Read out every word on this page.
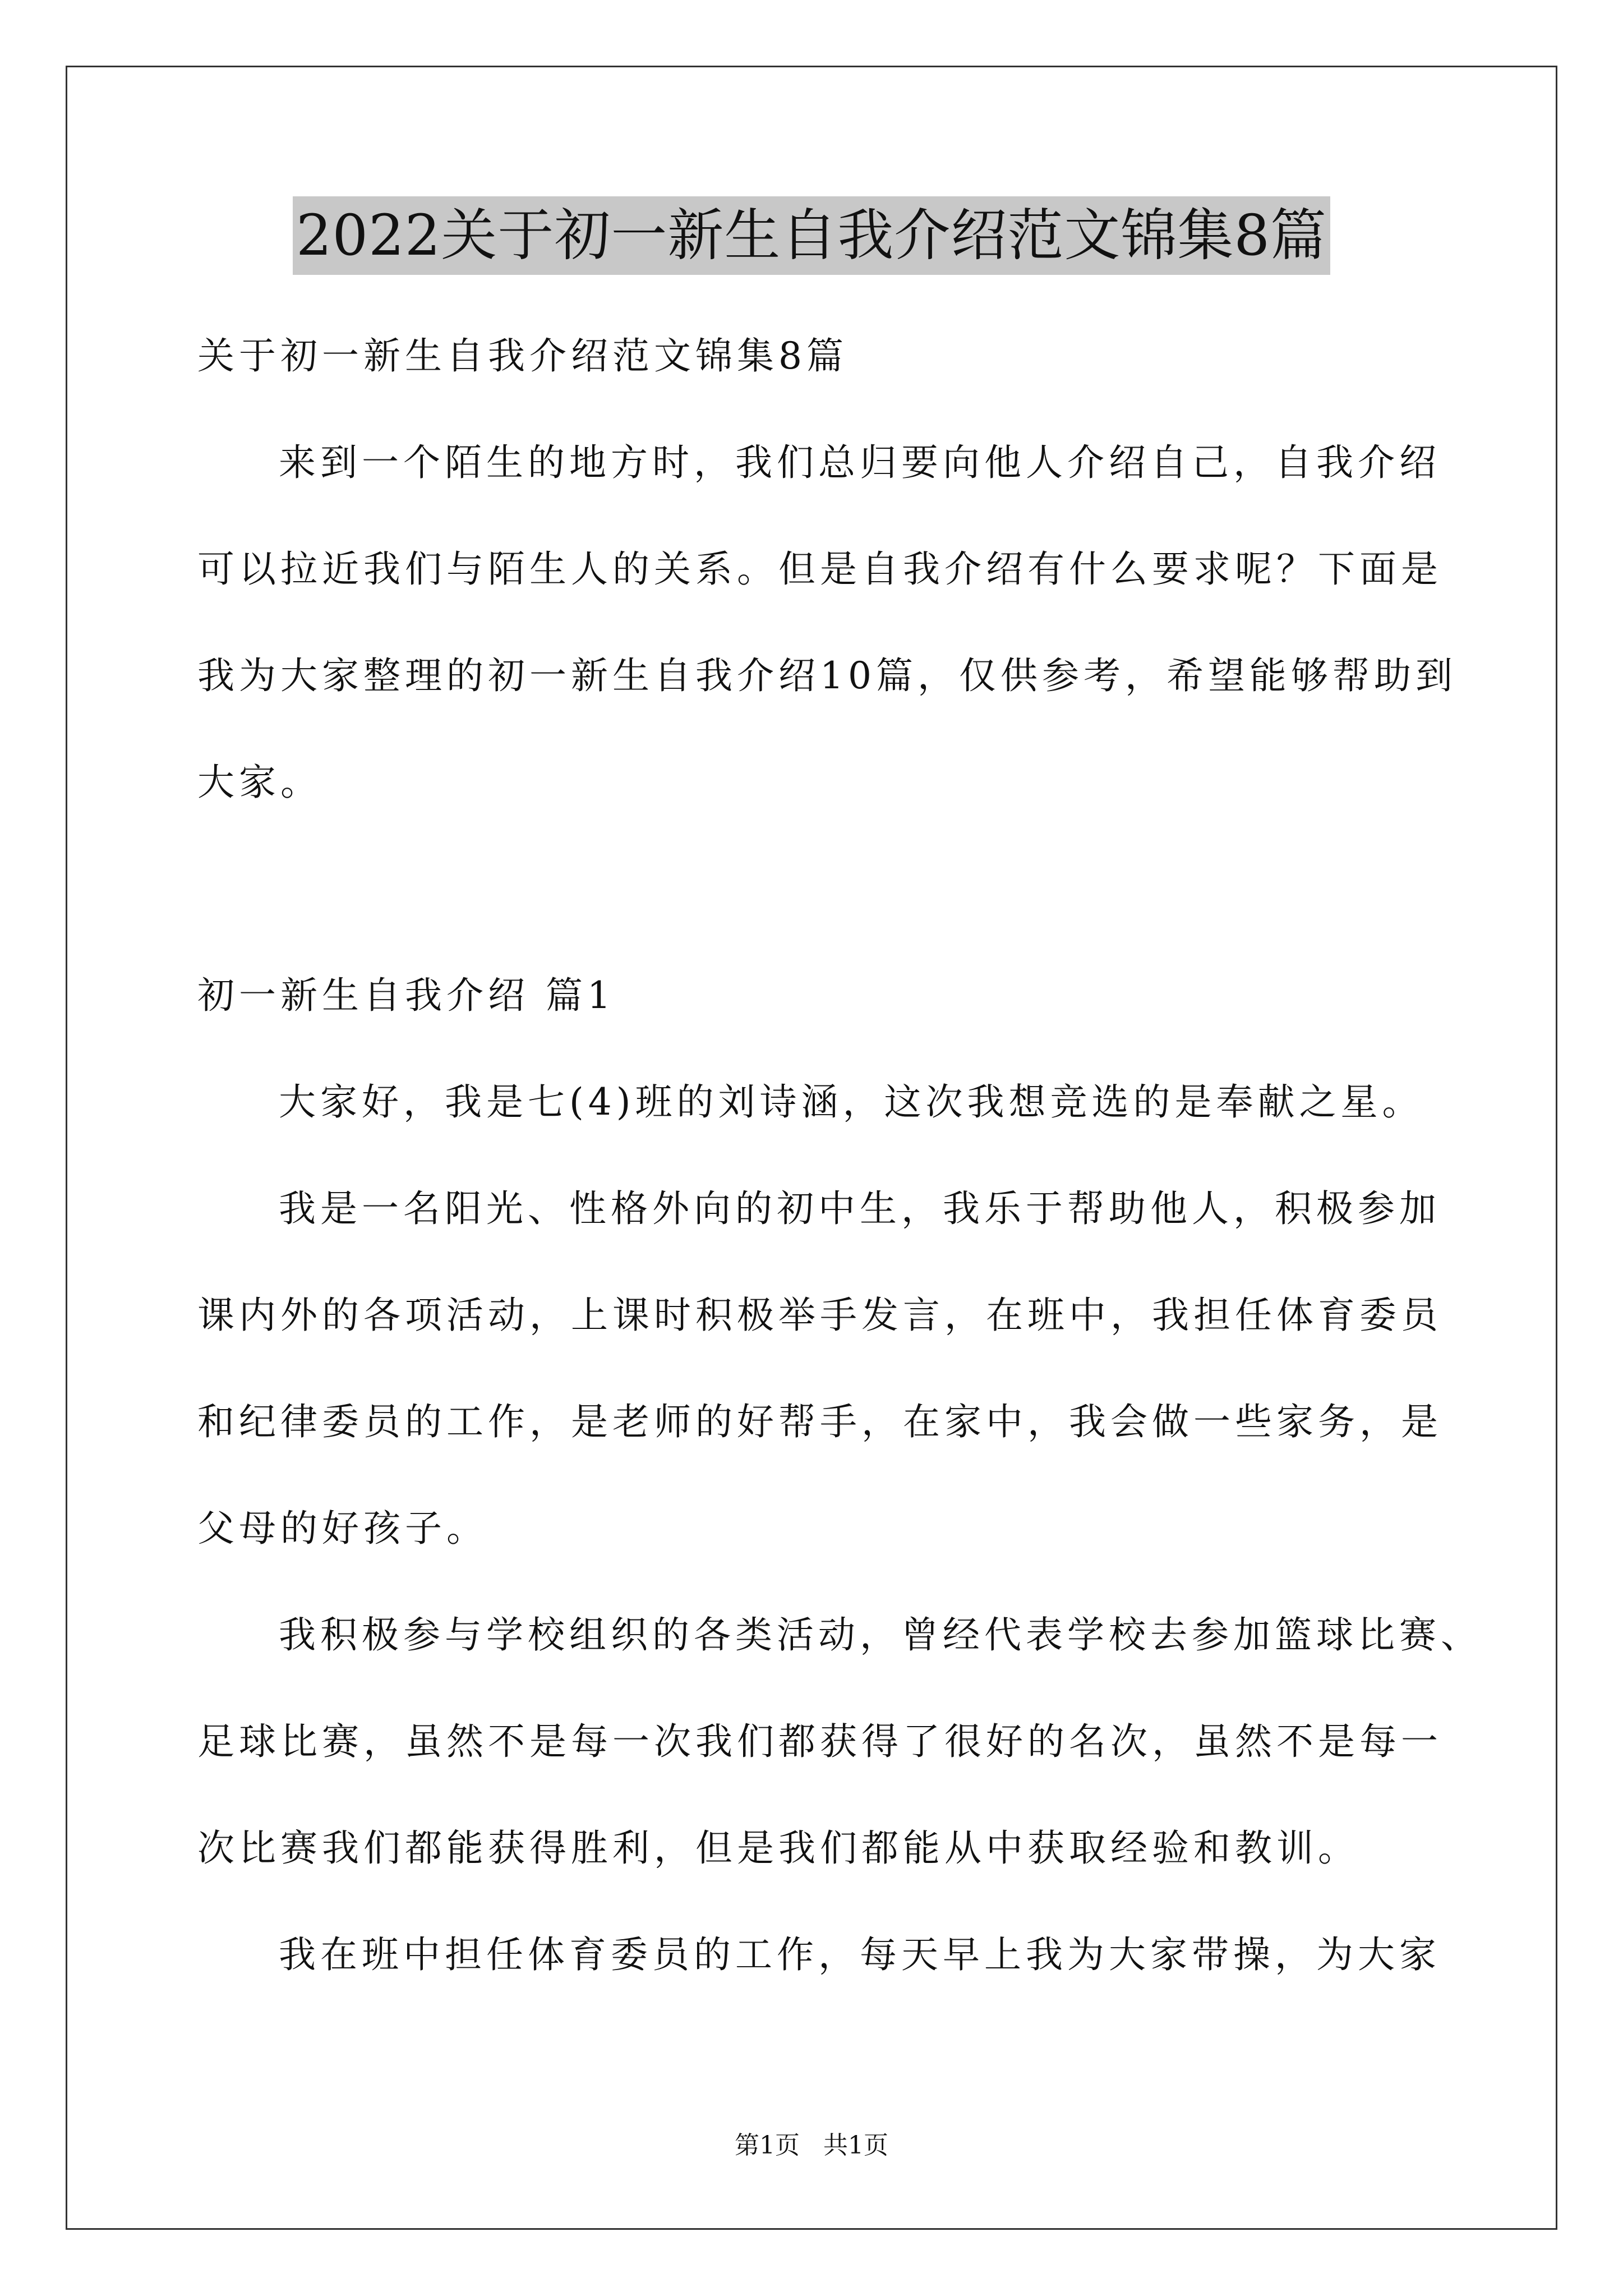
2022关于初一新生自我介绍范文锦集8篇
关于初一新生自我介绍范文锦集8篇
来到一个陌生的地方时，我们总归要向他人介绍自己，自我介绍
可以拉近我们与陌生人的关系。但是自我介绍有什么要求呢？下面是
我为大家整理的初一新生自我介绍10篇，仅供参考，希望能够帮助到
大家。
初一新生自我介绍 篇1
大家好，我是七(4)班的刘诗涵，这次我想竞选的是奉献之星。
我是一名阳光、性格外向的初中生，我乐于帮助他人，积极参加
课内外的各项活动，上课时积极举手发言，在班中，我担任体育委员
和纪律委员的工作，是老师的好帮手，在家中，我会做一些家务，是
父母的好孩子。
我积极参与学校组织的各类活动，曾经代表学校去参加篮球比赛、
足球比赛，虽然不是每一次我们都获得了很好的名次，虽然不是每一
次比赛我们都能获得胜利，但是我们都能从中获取经验和教训。
我在班中担任体育委员的工作，每天早上我为大家带操，为大家
第1页   共1页
